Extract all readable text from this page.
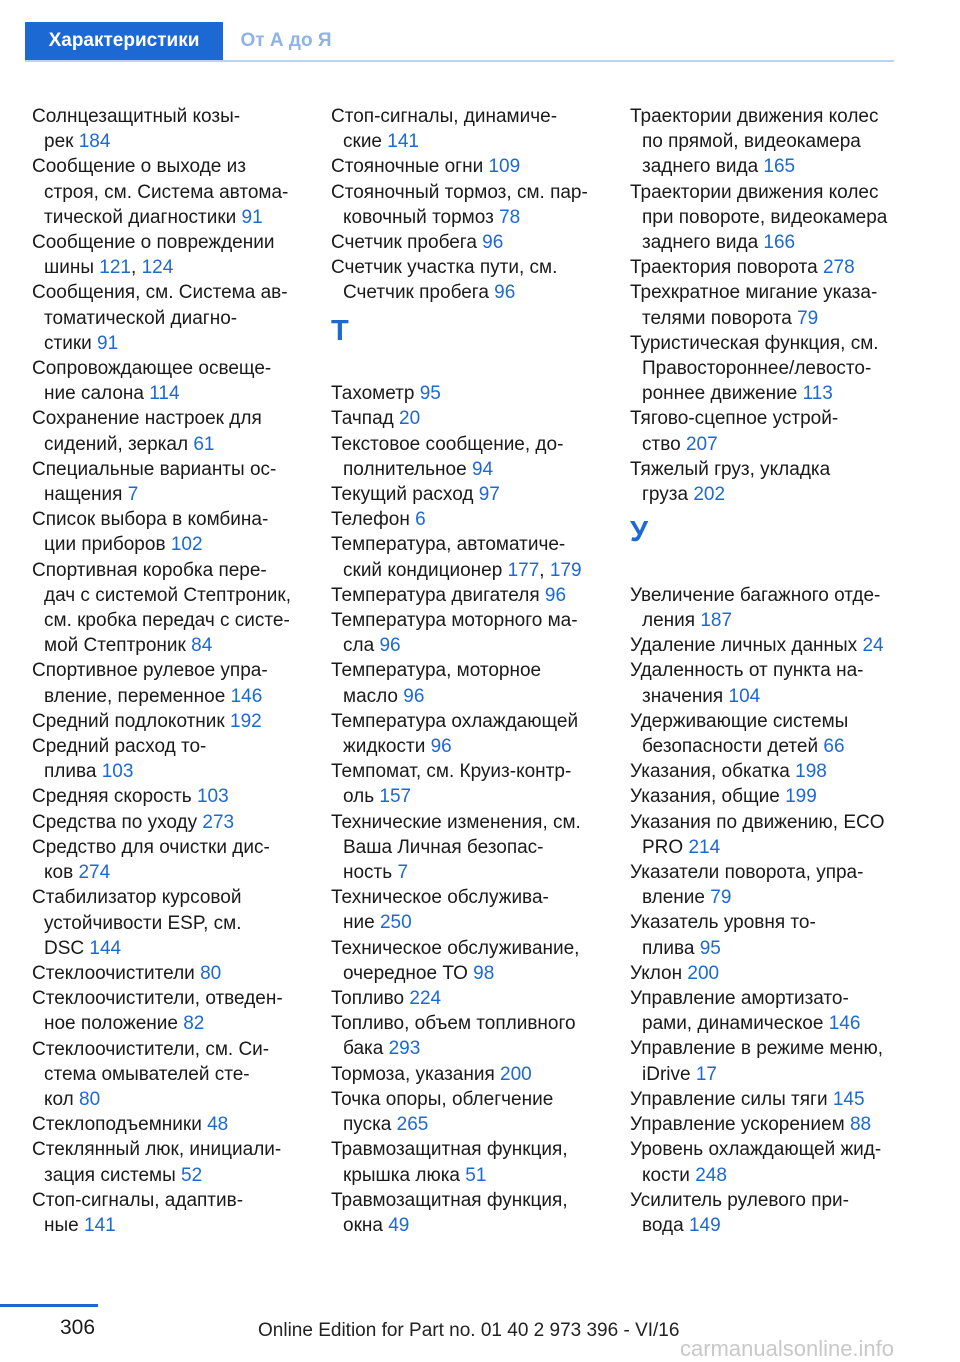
Характеристики	От А до Я
Солнцезащитный козы-
рек 184
Сообщение о выходе из
строя, см. Система автома-
тической диагностики 91
Сообщение о повреждении
шины 121, 124
Сообщения, см. Система ав-
томатической диагно-
стики 91
Сопровождающее освеще-
ние салона 114
Сохранение настроек для
сидений, зеркал 61
Специальные варианты ос-
нащения 7
Список выбора в комбина-
ции приборов 102
Спортивная коробка пере-
дач с системой Стептроник,
см. кробка передач с систе-
мой Стептроник 84
Спортивное рулевое упра-
вление, переменное 146
Средний подлокотник 192
Средний расход то-
плива 103
Средняя скорость 103
Средства по уходу 273
Средство для очистки дис-
ков 274
Стабилизатор курсовой
устойчивости ESP, см.
DSC 144
Стеклоочистители 80
Стеклоочистители, отведен-
ное положение 82
Стеклоочистители, см. Си-
стема омывателей сте-
кол 80
Стеклоподъемники 48
Стеклянный люк, инициали-
зация системы 52
Стоп-сигналы, адаптив-
ные 141
Стоп-сигналы, динамиче-
ские 141
Стояночные огни 109
Стояночный тормоз, см. пар-
ковочный тормоз 78
Счетчик пробега 96
Счетчик участка пути, см.
Счетчик пробега 96
Т
Тахометр 95
Тачпад 20
Текстовое сообщение, до-
полнительное 94
Текущий расход 97
Телефон 6
Температура, автоматиче-
ский кондиционер 177, 179
Температура двигателя 96
Температура моторного ма-
сла 96
Температура, моторное
масло 96
Температура охлаждающей
жидкости 96
Темпомат, см. Круиз-контр-
оль 157
Технические изменения, см.
Ваша Личная безопас-
ность 7
Техническое обслужива-
ние 250
Техническое обслуживание,
очередное ТО 98
Топливо 224
Топливо, объем топливного
бака 293
Тормоза, указания 200
Точка опоры, облегчение
пуска 265
Травмозащитная функция,
крышка люка 51
Травмозащитная функция,
окна 49
Траектории движения колес
по прямой, видеокамера
заднего вида 165
Траектории движения колес
при повороте, видеокамера
заднего вида 166
Траектория поворота 278
Трехкратное мигание указа-
телями поворота 79
Туристическая функция, см.
Правостороннее/левосто-
роннее движение 113
Тягово-сцепное устрой-
ство 207
Тяжелый груз, укладка
груза 202
У
Увеличение багажного отде-
ления 187
Удаление личных данных 24
Удаленность от пункта на-
значения 104
Удерживающие системы
безопасности детей 66
Указания, обкатка 198
Указания, общие 199
Указания по движению, ECO
PRO 214
Указатели поворота, упра-
вление 79
Указатель уровня то-
плива 95
Уклон 200
Управление амортизато-
рами, динамическое 146
Управление в режиме меню,
iDrive 17
Управление силы тяги 145
Управление ускорением 88
Уровень охлаждающей жид-
кости 248
Усилитель рулевого при-
вода 149
306	Online Edition for Part no. 01 40 2 973 396 - VI/16
carmanualsonline.info
